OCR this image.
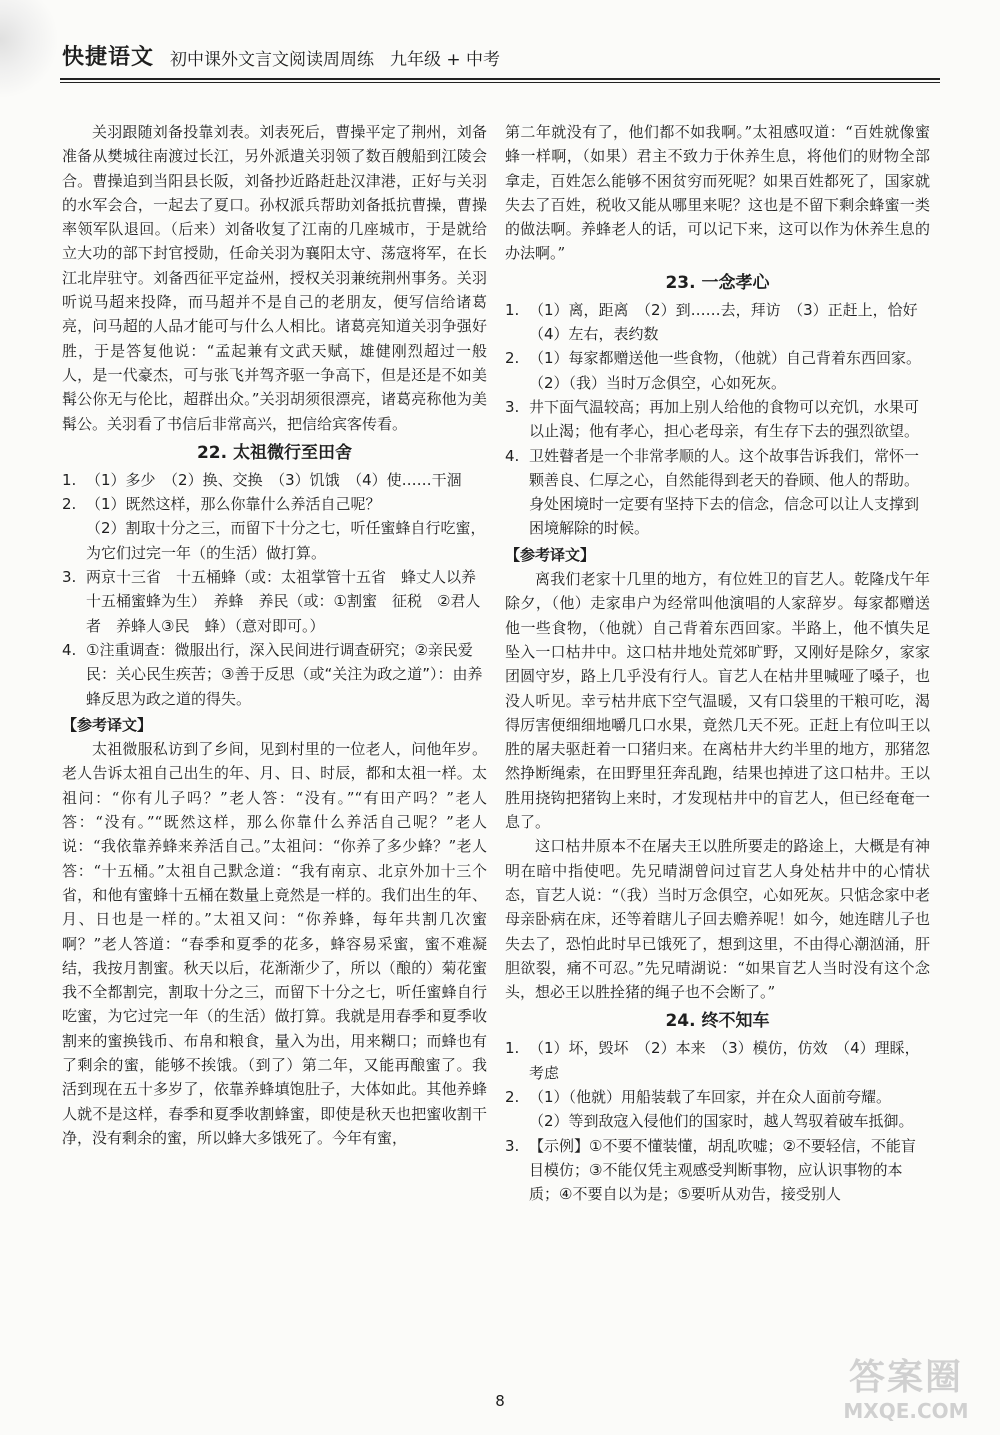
快捷语文 初中课外文言文阅读周周练 九年级 + 中考

关羽跟随刘备投靠刘表。刘表死后，曹操平定了荆州，刘备准备从樊城往南渡过长江，另外派遣关羽领了数百艘船到江陵会合。曹操追到当阳县长阪，刘备抄近路赶赴汉津港，正好与关羽的水军会合，一起去了夏口。孙权派兵帮助刘备抵抗曹操，曹操率领军队退回。（后来）刘备收复了江南的几座城市，于是就给立大功的部下封官授勋，任命关羽为襄阳太守、荡寇将军，在长江北岸驻守。刘备西征平定益州，授权关羽兼统荆州事务。关羽听说马超来投降，而马超并不是自己的老朋友，便写信给诸葛亮，问马超的人品才能可与什么人相比。诸葛亮知道关羽争强好胜，于是答复他说：“孟起兼有文武天赋，雄健刚烈超过一般人，是一代豪杰，可与张飞并驾齐驱一争高下，但是还是不如美髯公你无与伦比，超群出众。”关羽胡须很漂亮，诸葛亮称他为美髯公。关羽看了书信后非常高兴，把信给宾客传看。

22. 太祖微行至田舍
1. （1）多少　（2）换、交换　（3）饥饿　（4）使……干涸
2. （1）既然这样，那么你靠什么养活自己呢？
（2）割取十分之三，而留下十分之七，听任蜜蜂自行吃蜜，为它们过完一年（的生活）做打算。
3. 两京十三省　十五桶蜂（或：太祖掌管十五省　蜂丈人以养十五桶蜜蜂为生）　养蜂　养民（或：①割蜜　征税　②君人者　养蜂人③民　蜂）（意对即可。）
4. ①注重调查：微服出行，深入民间进行调查研究；②亲民爱民：关心民生疾苦；③善于反思（或“关注为政之道”）：由养蜂反思为政之道的得失。
【参考译文】

太祖微服私访到了乡间，见到村里的一位老人，问他年岁。老人告诉太祖自己出生的年、月、日、时辰，都和太祖一样。太祖问：“你有儿子吗？”老人答：“没有。”“有田产吗？”老人答：“没有。”“既然这样，那么你靠什么养活自己呢？”老人说：“我依靠养蜂来养活自己。”太祖问：“你养了多少蜂？”老人答：“十五桶。”太祖自己默念道：“我有南京、北京外加十三个省，和他有蜜蜂十五桶在数量上竟然是一样的。我们出生的年、月、日也是一样的。”太祖又问：“你养蜂，每年共割几次蜜啊？”老人答道：“春季和夏季的花多，蜂容易采蜜，蜜不难凝结，我按月割蜜。秋天以后，花渐渐少了，所以（酿的）菊花蜜我不全都割完，割取十分之三，而留下十分之七，听任蜜蜂自行吃蜜，为它过完一年（的生活）做打算。我就是用春季和夏季收割来的蜜换钱币、布帛和粮食，量入为出，用来糊口；而蜂也有了剩余的蜜，能够不挨饿。（到了）第二年，又能再酿蜜了。我活到现在五十多岁了，依靠养蜂填饱肚子，大体如此。其他养蜂人就不是这样，春季和夏季收割蜂蜜，即使是秋天也把蜜收割干净，没有剩余的蜜，所以蜂大多饿死了。今年有蜜，

第二年就没有了，他们都不如我啊。”太祖感叹道：“百姓就像蜜蜂一样啊，（如果）君主不致力于休养生息，将他们的财物全部拿走，百姓怎么能够不困贫穷而死呢？如果百姓都死了，国家就失去了百姓，税收又能从哪里来呢？这也是不留下剩余蜂蜜一类的做法啊。养蜂老人的话，可以记下来，这可以作为休养生息的办法啊。”

23. 一念孝心
1. （1）离，距离　（2）到……去，拜访　（3）正赶上，恰好　（4）左右，表约数
2. （1）每家都赠送他一些食物，（他就）自己背着东西回家。
（2）（我）当时万念俱空，心如死灰。
3. 井下面气温较高；再加上别人给他的食物可以充饥，水果可以止渴；他有孝心，担心老母亲，有生存下去的强烈欲望。
4. 卫姓瞽者是一个非常孝顺的人。这个故事告诉我们，常怀一颗善良、仁厚之心，自然能得到老天的眷顾、他人的帮助。身处困境时一定要有坚持下去的信念，信念可以让人支撑到困境解除的时候。
【参考译文】

离我们老家十几里的地方，有位姓卫的盲艺人。乾隆戊午年除夕，（他）走家串户为经常叫他演唱的人家辞岁。每家都赠送他一些食物，（他就）自己背着东西回家。半路上，他不慎失足坠入一口枯井中。这口枯井地处荒郊旷野，又刚好是除夕，家家团圆守岁，路上几乎没有行人。盲艺人在枯井里喊哑了嗓子，也没人听见。幸亏枯井底下空气温暖，又有口袋里的干粮可吃，渴得厉害便细细地嚼几口水果，竟然几天不死。正赶上有位叫王以胜的屠夫驱赶着一口猪归来。在离枯井大约半里的地方，那猪忽然挣断绳索，在田野里狂奔乱跑，结果也掉进了这口枯井。王以胜用挠钩把猪钩上来时，才发现枯井中的盲艺人，但已经奄奄一息了。

这口枯井原本不在屠夫王以胜所要走的路途上，大概是有神明在暗中指使吧。先兄晴湖曾问过盲艺人身处枯井中的心情状态，盲艺人说：“（我）当时万念俱空，心如死灰。只惦念家中老母亲卧病在床，还等着瞎儿子回去赡养呢！如今，她连瞎儿子也失去了，恐怕此时早已饿死了，想到这里，不由得心潮汹涌，肝胆欲裂，痛不可忍。”先兄晴湖说：“如果盲艺人当时没有这个念头，想必王以胜拴猪的绳子也不会断了。”

24. 终不知车
1. （1）坏，毁坏　（2）本来　（3）模仿，仿效　（4）理睬，考虑
2. （1）（他就）用船装载了车回家，并在众人面前夸耀。
（2）等到敌寇入侵他们的国家时，越人驾驭着破车抵御。
3. 【示例】①不要不懂装懂，胡乱吹嘘；②不要轻信，不能盲目模仿；③不能仅凭主观感受判断事物，应认识事物的本质；④不要自以为是；⑤要听从劝告，接受别人
8
答案圈
MXQE.COM
